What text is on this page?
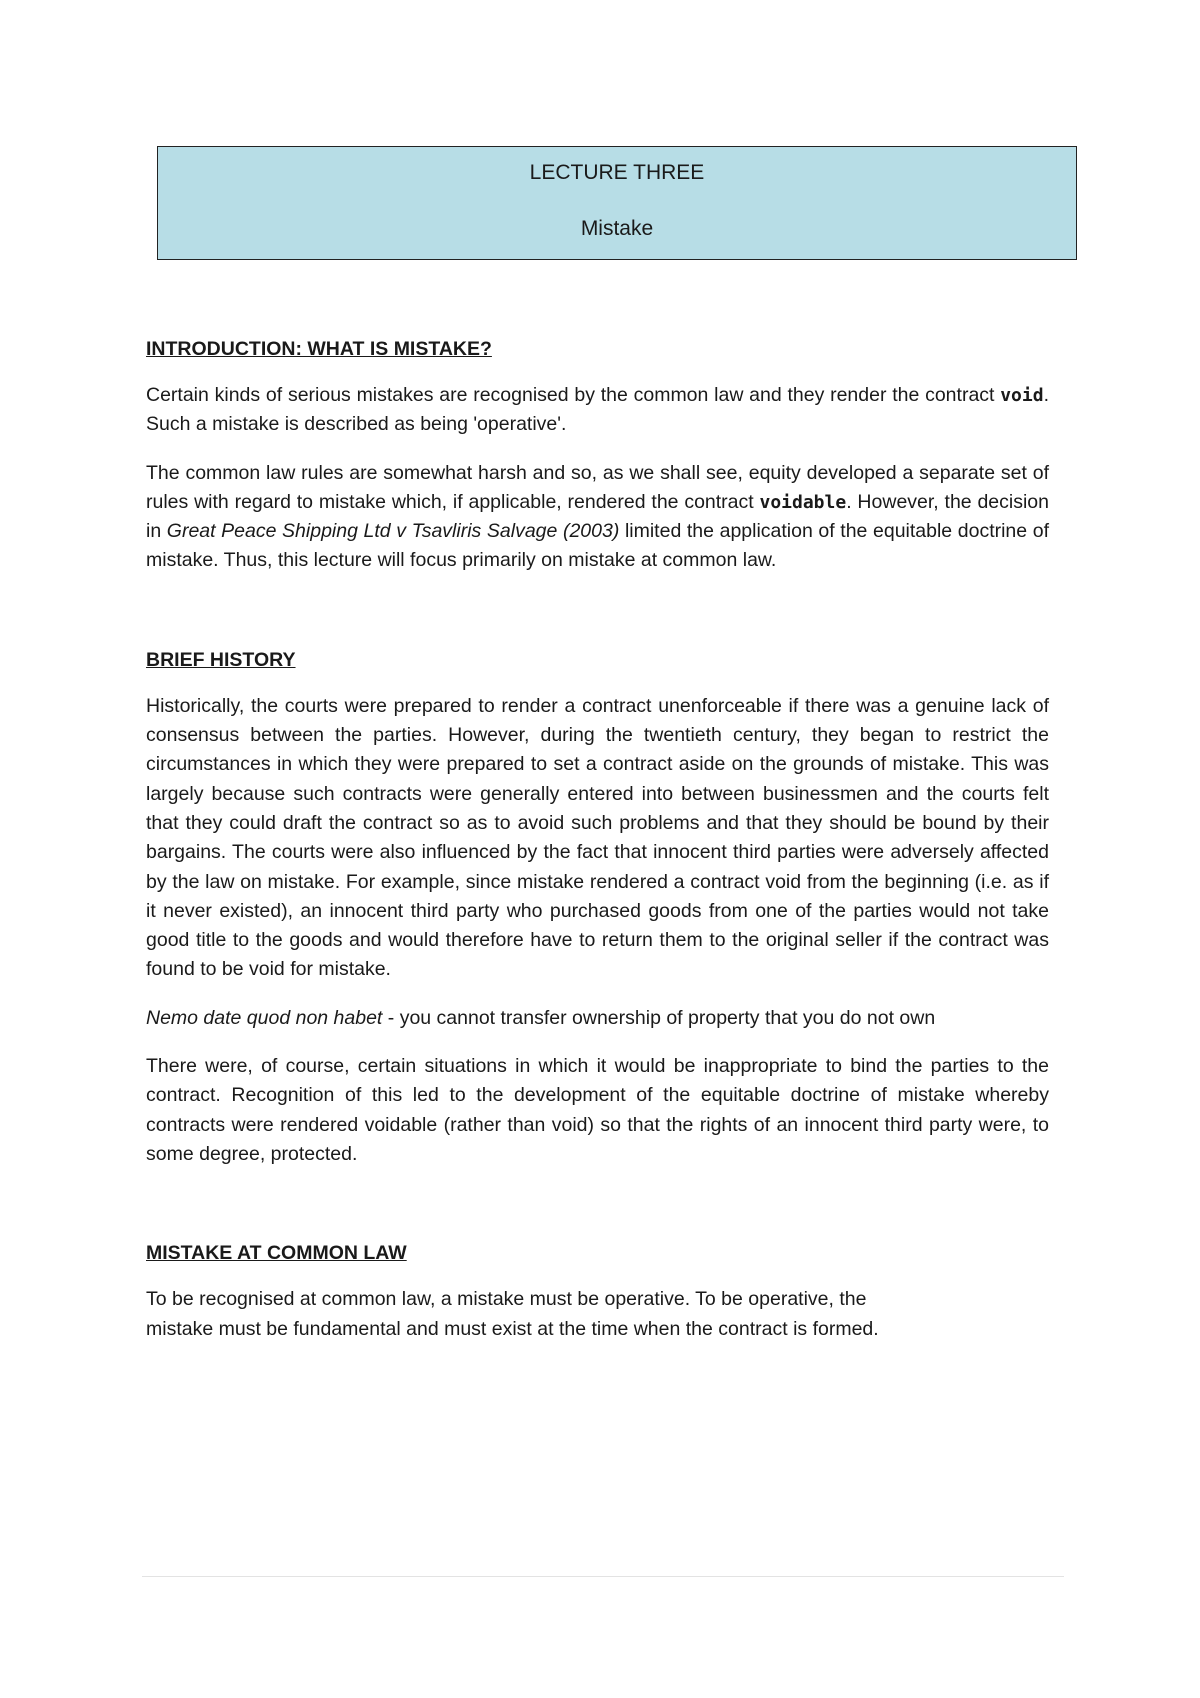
LECTURE THREE
Mistake
INTRODUCTION: WHAT IS MISTAKE?

Certain kinds of serious mistakes are recognised by the common law and they render the contract void. Such a mistake is described as being 'operative'.

The common law rules are somewhat harsh and so, as we shall see, equity developed a separate set of rules with regard to mistake which, if applicable, rendered the contract voidable. However, the decision in Great Peace Shipping Ltd v Tsavliris Salvage (2003) limited the application of the equitable doctrine of mistake. Thus, this lecture will focus primarily on mistake at common law.

BRIEF HISTORY

Historically, the courts were prepared to render a contract unenforceable if there was a genuine lack of consensus between the parties. However, during the twentieth century, they began to restrict the circumstances in which they were prepared to set a contract aside on the grounds of mistake. This was largely because such contracts were generally entered into between businessmen and the courts felt that they could draft the contract so as to avoid such problems and that they should be bound by their bargains. The courts were also influenced by the fact that innocent third parties were adversely affected by the law on mistake. For example, since mistake rendered a contract void from the beginning (i.e. as if it never existed), an innocent third party who purchased goods from one of the parties would not take good title to the goods and would therefore have to return them to the original seller if the contract was found to be void for mistake.

Nemo date quod non habet - you cannot transfer ownership of property that you do not own

There were, of course, certain situations in which it would be inappropriate to bind the parties to the contract. Recognition of this led to the development of the equitable doctrine of mistake whereby contracts were rendered voidable (rather than void) so that the rights of an innocent third party were, to some degree, protected.

MISTAKE AT COMMON LAW

To be recognised at common law, a mistake must be operative. To be operative, the
mistake must be fundamental and must exist at the time when the contract is formed.
